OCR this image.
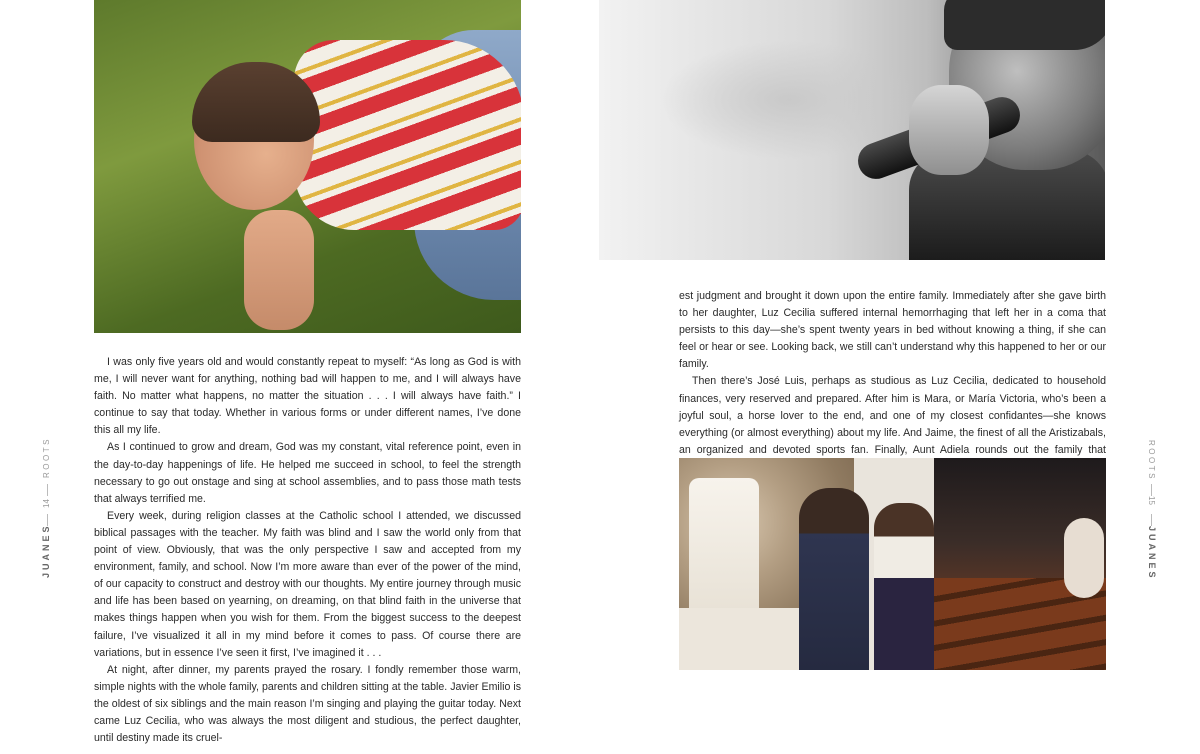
I was only five years old and would constantly repeat to myself: “As long as God is with me, I will never want for anything, nothing bad will happen to me, and I will always have faith. No matter what happens, no matter the situation . . . I will always have faith.” I continue to say that today. Whether in various forms or under different names, I’ve done this all my life.

As I continued to grow and dream, God was my constant, vital reference point, even in the day-to-day happenings of life. He helped me succeed in school, to feel the strength necessary to go out onstage and sing at school assemblies, and to pass those math tests that always terrified me.

Every week, during religion classes at the Catholic school I attended, we discussed biblical passages with the teacher. My faith was blind and I saw the world only from that point of view. Obviously, that was the only perspective I saw and accepted from my environment, family, and school. Now I’m more aware than ever of the power of the mind, of our capacity to construct and destroy with our thoughts. My entire journey through music and life has been based on yearning, on dreaming, on that blind faith in the universe that makes things happen when you wish for them. From the biggest success to the deepest failure, I’ve visualized it all in my mind before it comes to pass. Of course there are variations, but in essence I’ve seen it first, I’ve imagined it . . .

At night, after dinner, my parents prayed the rosary. I fondly remember those warm, simple nights with the whole family, parents and children sitting at the table. Javier Emilio is the oldest of six siblings and the main reason I’m singing and playing the guitar today. Next came Luz Cecilia, who was always the most diligent and studious, the perfect daughter, until destiny made its cruel-

ROOTS
14
JUANES

est judgment and brought it down upon the entire family. Immediately after she gave birth to her daughter, Luz Cecilia suffered internal hemorrhaging that left her in a coma that persists to this day—she’s spent twenty years in bed without knowing a thing, if she can feel or hear or see. Looking back, we still can’t understand why this happened to her or our family.

Then there’s José Luis, perhaps as studious as Luz Cecilia, dedicated to household finances, very reserved and prepared. After him is Mara, or María Victoria, who’s been a joyful soul, a horse lover to the end, and one of my closest confidantes—she knows everything (or almost everything) about my life. And Jaime, the finest of all the Aristizabals, an organized and devoted sports fan. Finally, Aunt Adiela rounds out the family that	ROOTS
15
JUANES
